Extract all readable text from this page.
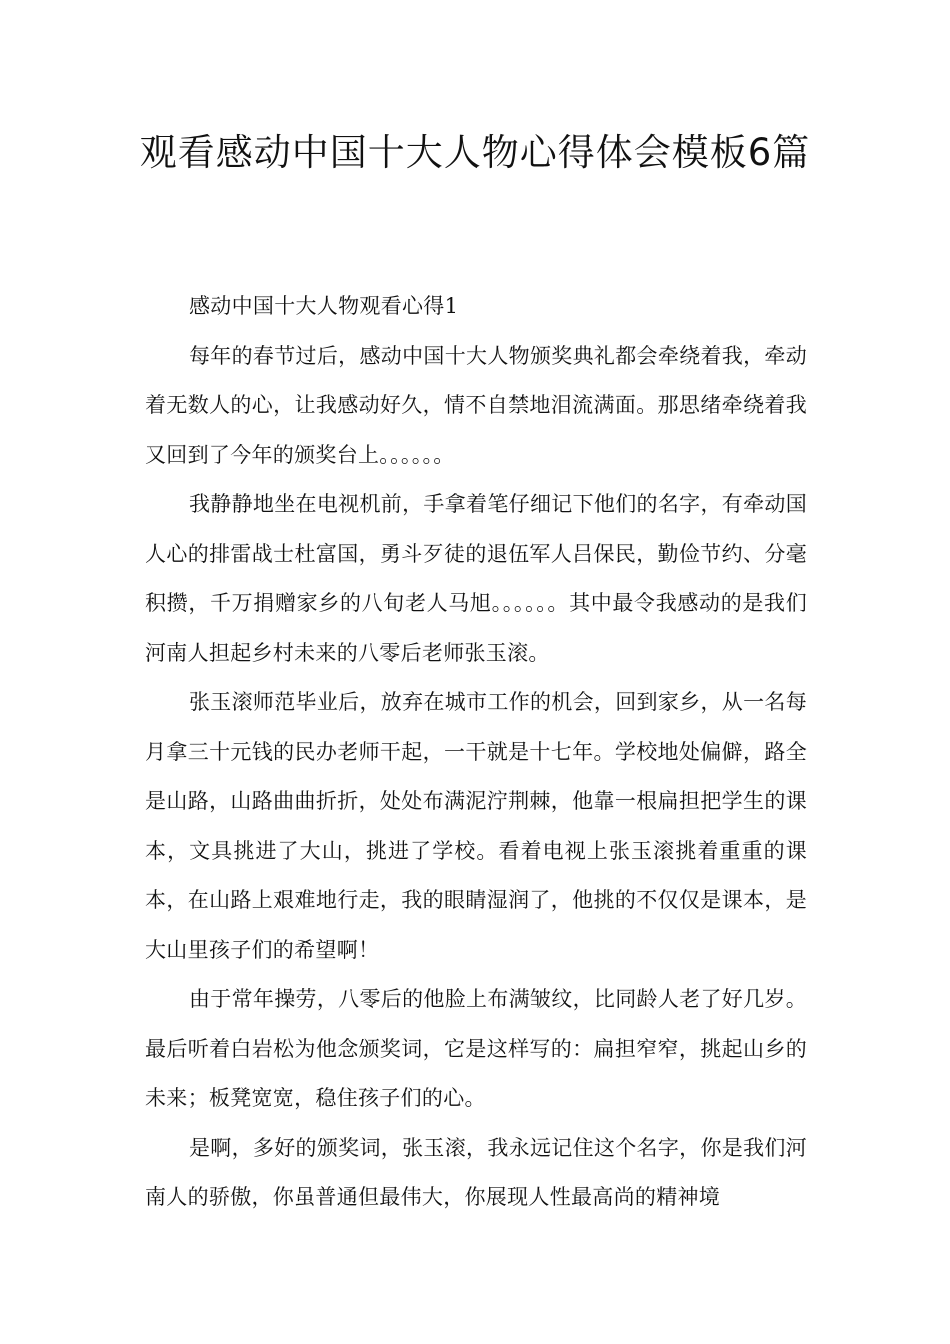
观看感动中国十大人物心得体会模板6篇

感动中国十大人物观看心得1

每年的春节过后，感动中国十大人物颁奖典礼都会牵绕着我，牵动着无数人的心，让我感动好久，情不自禁地泪流满面。那思绪牵绕着我又回到了今年的颁奖台上。。。。。。

我静静地坐在电视机前，手拿着笔仔细记下他们的名字，有牵动国人心的排雷战士杜富国，勇斗歹徒的退伍军人吕保民，勤俭节约、分毫积攒，千万捐赠家乡的八旬老人马旭。。。。。。其中最令我感动的是我们河南人担起乡村未来的八零后老师张玉滚。

张玉滚师范毕业后，放弃在城市工作的机会，回到家乡，从一名每月拿三十元钱的民办老师干起，一干就是十七年。学校地处偏僻，路全是山路，山路曲曲折折，处处布满泥泞荆棘，他靠一根扁担把学生的课本，文具挑进了大山，挑进了学校。看着电视上张玉滚挑着重重的课本，在山路上艰难地行走，我的眼睛湿润了，他挑的不仅仅是课本，是大山里孩子们的希望啊！

由于常年操劳，八零后的他脸上布满皱纹，比同龄人老了好几岁。最后听着白岩松为他念颁奖词，它是这样写的：扁担窄窄，挑起山乡的未来；板凳宽宽，稳住孩子们的心。

是啊，多好的颁奖词，张玉滚，我永远记住这个名字，你是我们河南人的骄傲，你虽普通但最伟大，你展现人性最高尚的精神境
